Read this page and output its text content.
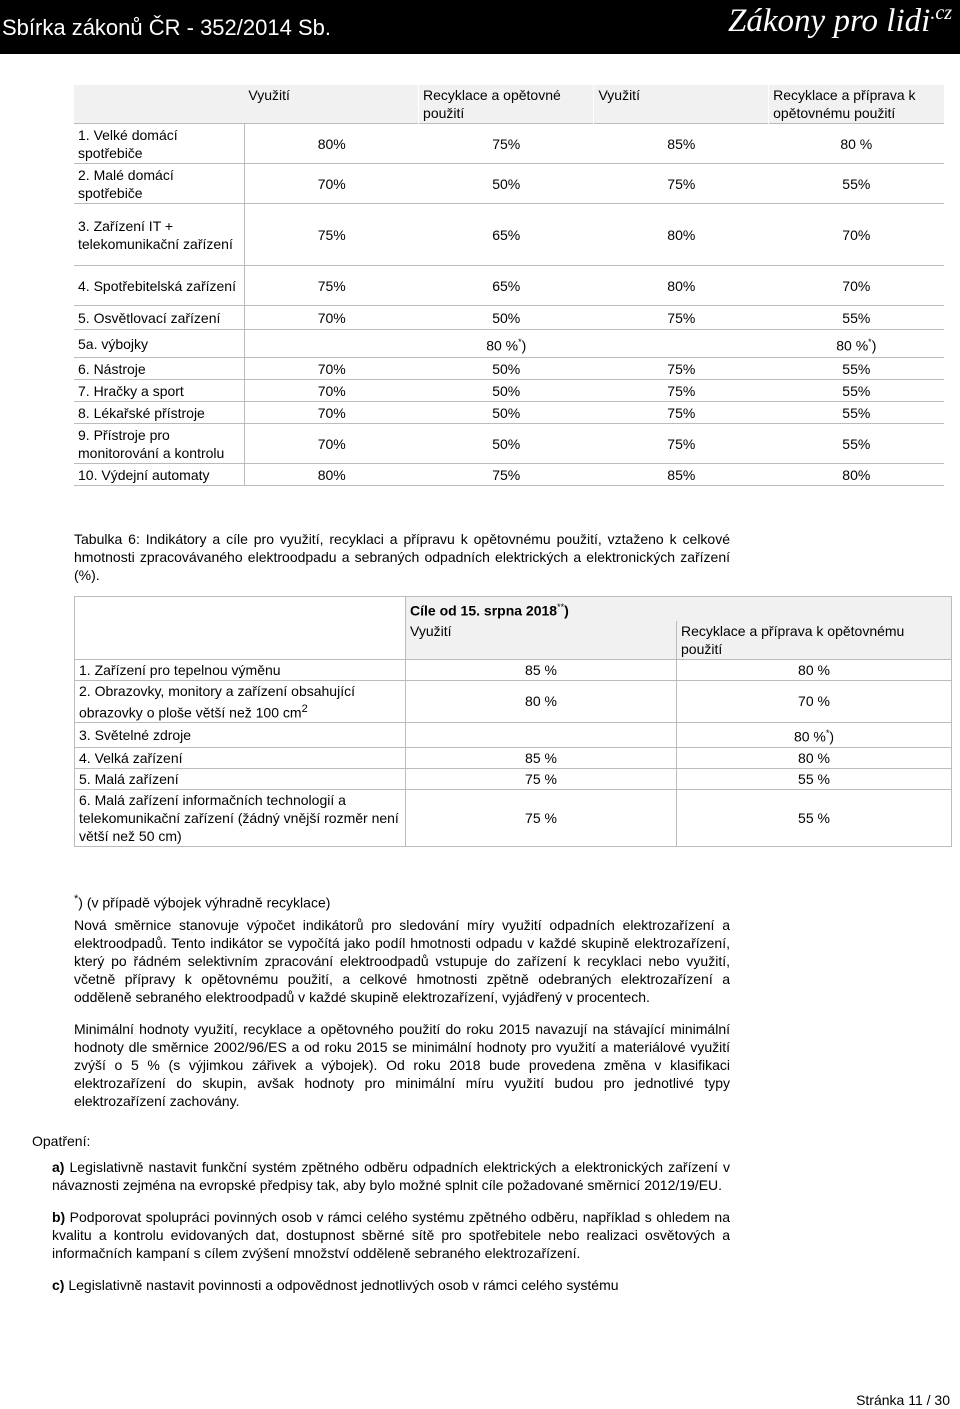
Sbírka zákonů ČR - 352/2014 Sb.	Zákony pro lidi$^{.cz}$
	Využití	Recyklace a opětovné použití	Využití	Recyklace a příprava k opětovnému použití
1. Velké domácí spotřebiče	80%	75%	85%	80 %
2. Malé domácí spotřebiče	70%	50%	75%	55%
3. Zařízení IT + telekomunikační zařízení	75%	65%	80%	70%
4. Spotřebitelská zařízení	75%	65%	80%	70%
5. Osvětlovací zařízení	70%	50%	75%	55%
5a. výbojky		80 %*)		80 %*)
6. Nástroje	70%	50%	75%	55%
7. Hračky a sport	70%	50%	75%	55%
8. Lékařské přístroje	70%	50%	75%	55%
9. Přístroje pro monitorování a kontrolu	70%	50%	75%	55%
10. Výdejní automaty	80%	75%	85%	80%
Tabulka 6: Indikátory a cíle pro využití, recyklaci a přípravu k opětovnému použití, vztaženo k celkové hmotnosti zpracovávaného elektroodpadu a sebraných odpadních elektrických a elektronických zařízení (%).
	Cíle od 15. srpna 2018**)	
	Využití	Recyklace a příprava k opětovnému použití
1. Zařízení pro tepelnou výměnu	85 %	80 %
2. Obrazovky, monitory a zařízení obsahující obrazovky o ploše větší než 100 $cm^2$	80 %	70 %
3. Světelné zdroje		80 %*)
4. Velká zařízení	85 %	80 %
5. Malá zařízení	75 %	55 %
6. Malá zařízení informačních technologií a telekomunikační zařízení (žádný vnější rozměr není větší než 50 cm)	75 %	55 %
*) (v případě výbojek výhradně recyklace)

Nová směrnice stanovuje výpočet indikátorů pro sledování míry využití odpadních elektrozařízení a elektroodpadů. Tento indikátor se vypočítá jako podíl hmotnosti odpadu v každé skupině elektrozařízení, který po řádném selektivním zpracování elektroodpadů vstupuje do zařízení k recyklaci nebo využití, včetně přípravy k opětovnému použití, a celkové hmotnosti zpětně odebraných elektrozařízení a odděleně sebraného elektroodpadů v každé skupině elektrozařízení, vyjádřený v procentech.

Minimální hodnoty využití, recyklace a opětovného použití do roku 2015 navazují na stávající minimální hodnoty dle směrnice 2002/96/ES a od roku 2015 se minimální hodnoty pro využití a materiálové využití zvýší o 5 % (s výjimkou zářivek a výbojek). Od roku 2018 bude provedena změna v klasifikaci elektrozařízení do skupin, avšak hodnoty pro minimální míru využití budou pro jednotlivé typy elektrozařízení zachovány.

Opatření:

a) Legislativně nastavit funkční systém zpětného odběru odpadních elektrických a elektronických zařízení v návaznosti zejména na evropské předpisy tak, aby bylo možné splnit cíle požadované směrnicí 2012/19/EU.

b) Podporovat spolupráci povinných osob v rámci celého systému zpětného odběru, například s ohledem na kvalitu a kontrolu evidovaných dat, dostupnost sběrné sítě pro spotřebitele nebo realizaci osvětových a informačních kampaní s cílem zvýšení množství odděleně sebraného elektrozařízení.

c) Legislativně nastavit povinnosti a odpovědnost jednotlivých osob v rámci celého systému

Stránka 11 / 30
